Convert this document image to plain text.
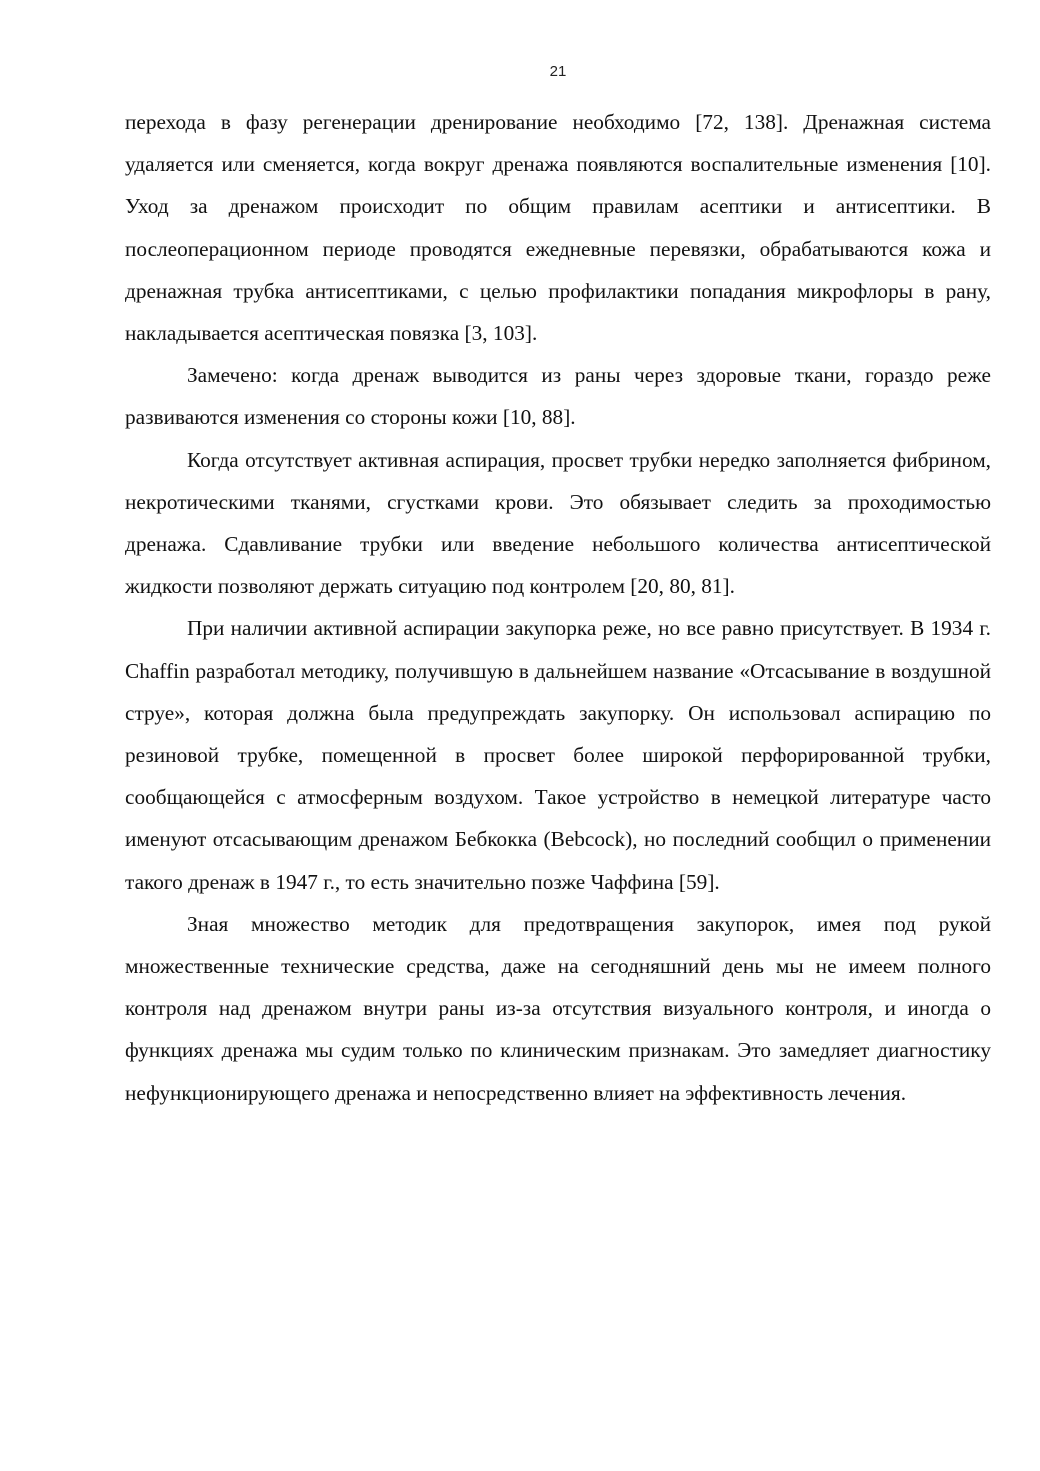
21

перехода в фазу регенерации дренирование необходимо [72, 138]. Дренажная система удаляется или сменяется, когда вокруг дренажа появляются воспалительные изменения [10]. Уход за дренажом происходит по общим правилам асептики и антисептики. В послеоперационном периоде проводятся ежедневные перевязки, обрабатываются кожа и дренажная трубка антисептиками, с целью профилактики попадания микрофлоры в рану, накладывается асептическая повязка [3, 103].

Замечено: когда дренаж выводится из раны через здоровые ткани, гораздо реже развиваются изменения со стороны кожи [10, 88].

Когда отсутствует активная аспирация, просвет трубки нередко заполняется фибрином, некротическими тканями, сгустками крови. Это обязывает следить за проходимостью дренажа. Сдавливание трубки или введение небольшого количества антисептической жидкости позволяют держать ситуацию под контролем [20, 80, 81].

При наличии активной аспирации закупорка реже, но все равно присутствует. В 1934 г. Chaffin разработал методику, получившую в дальнейшем название «Отсасывание в воздушной струе», которая должна была предупреждать закупорку. Он использовал аспирацию по резиновой трубке, помещенной в просвет более широкой перфорированной трубки, сообщающейся с атмосферным воздухом. Такое устройство в немецкой литературе часто именуют отсасывающим дренажом Бебкокка (Bebcock), но последний сообщил о применении такого дренаж в 1947 г., то есть значительно позже Чаффина [59].

Зная множество методик для предотвращения закупорок, имея под рукой множественные технические средства, даже на сегодняшний день мы не имеем полного контроля над дренажом внутри раны из-за отсутствия визуального контроля, и иногда о функциях дренажа мы судим только по клиническим признакам. Это замедляет диагностику нефункционирующего дренажа и непосредственно влияет на эффективность лечения.
